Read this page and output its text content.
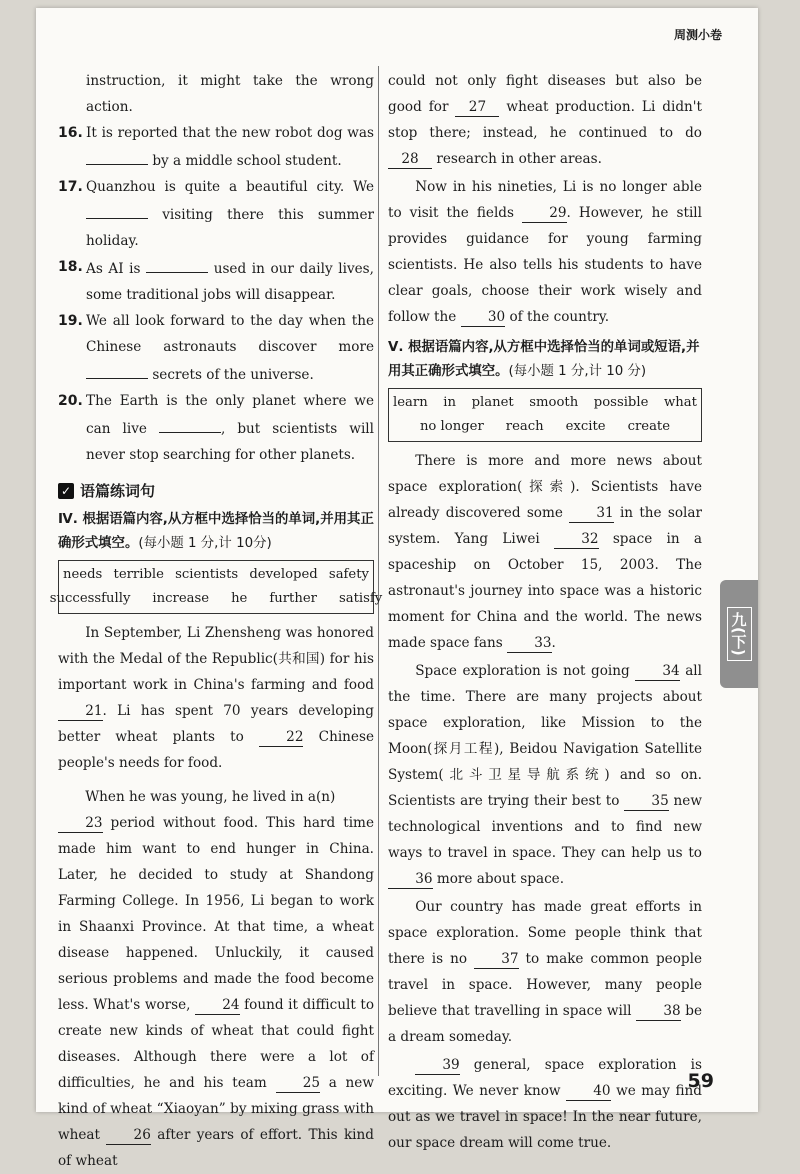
周测小卷

instruction, it might take the wrong action.

16. It is reported that the new robot dog was  by a middle school student.
17. Quanzhou is quite a beautiful city. We  visiting there this summer holiday.
18. As AI is	used in our daily lives, some traditional jobs will disappear.
19. We all look forward to the day when the Chinese astronauts discover more  secrets of the universe.
20. The Earth is the only planet where we can live	, but scientists will never stop searching for other planets.
✓ 语篇练词句
Ⅳ. 根据语篇内容,从方框中选择恰当的单词,并用其正确形式填空。(每小题 1 分,计 10分)
needs terrible scientists developed safety
successfully increase he further satisfy

In September, Li Zhensheng was honored with the Medal of the Republic(共和国) for his important work in China's farming and food 21. Li has spent 70 years developing better wheat plants to 22 Chinese people's needs for food.

When he was young, he lived in a(n)
23 period without food. This hard time made him want to end hunger in China. Later, he decided to study at Shandong Farming College. In 1956, Li began to work in Shaanxi Province. At that time, a wheat disease happened. Unluckily, it caused serious problems and made the food become less. What's worse, 24 found it difficult to create new kinds of wheat that could fight diseases. Although there were a lot of difficulties, he and his team 25 a new kind of wheat “Xiaoyan” by mixing grass with wheat 26 after years of effort. This kind of wheat

could not only fight diseases but also be good for 27 wheat production. Li didn't stop there; instead, he continued to do 28 research in other areas.

Now in his nineties, Li is no longer able to visit the fields 29. However, he still provides guidance for young farming scientists. He also tells his students to have clear goals, choose their work wisely and follow the 30 of the country.

Ⅴ. 根据语篇内容,从方框中选择恰当的单词或短语,并用其正确形式填空。(每小题 1 分,计 10 分)
learn in planet smooth possible what
no longer reach excite create

There is more and more news about space exploration(探索). Scientists have already discovered some 31 in the solar system. Yang Liwei 32 space in a spaceship on October 15, 2003. The astronaut's journey into space was a historic moment for China and the world. The news made space fans 33.

Space exploration is not going 34 all the time. There are many projects about space exploration, like Mission to the Moon(探月工程), Beidou Navigation Satellite System(北斗卫星导航系统) and so on. Scientists are trying their best to 35 new technological inventions and to find new ways to travel in space. They can help us to 36 more about space.

Our country has made great efforts in space exploration. Some people think that there is no 37 to make common people travel in space. However, many people believe that travelling in space will 38 be a dream someday.

39 general, space exploration is exciting. We never know 40 we may find out as we travel in space! In the near future, our space dream will come true.

九(下)
59
